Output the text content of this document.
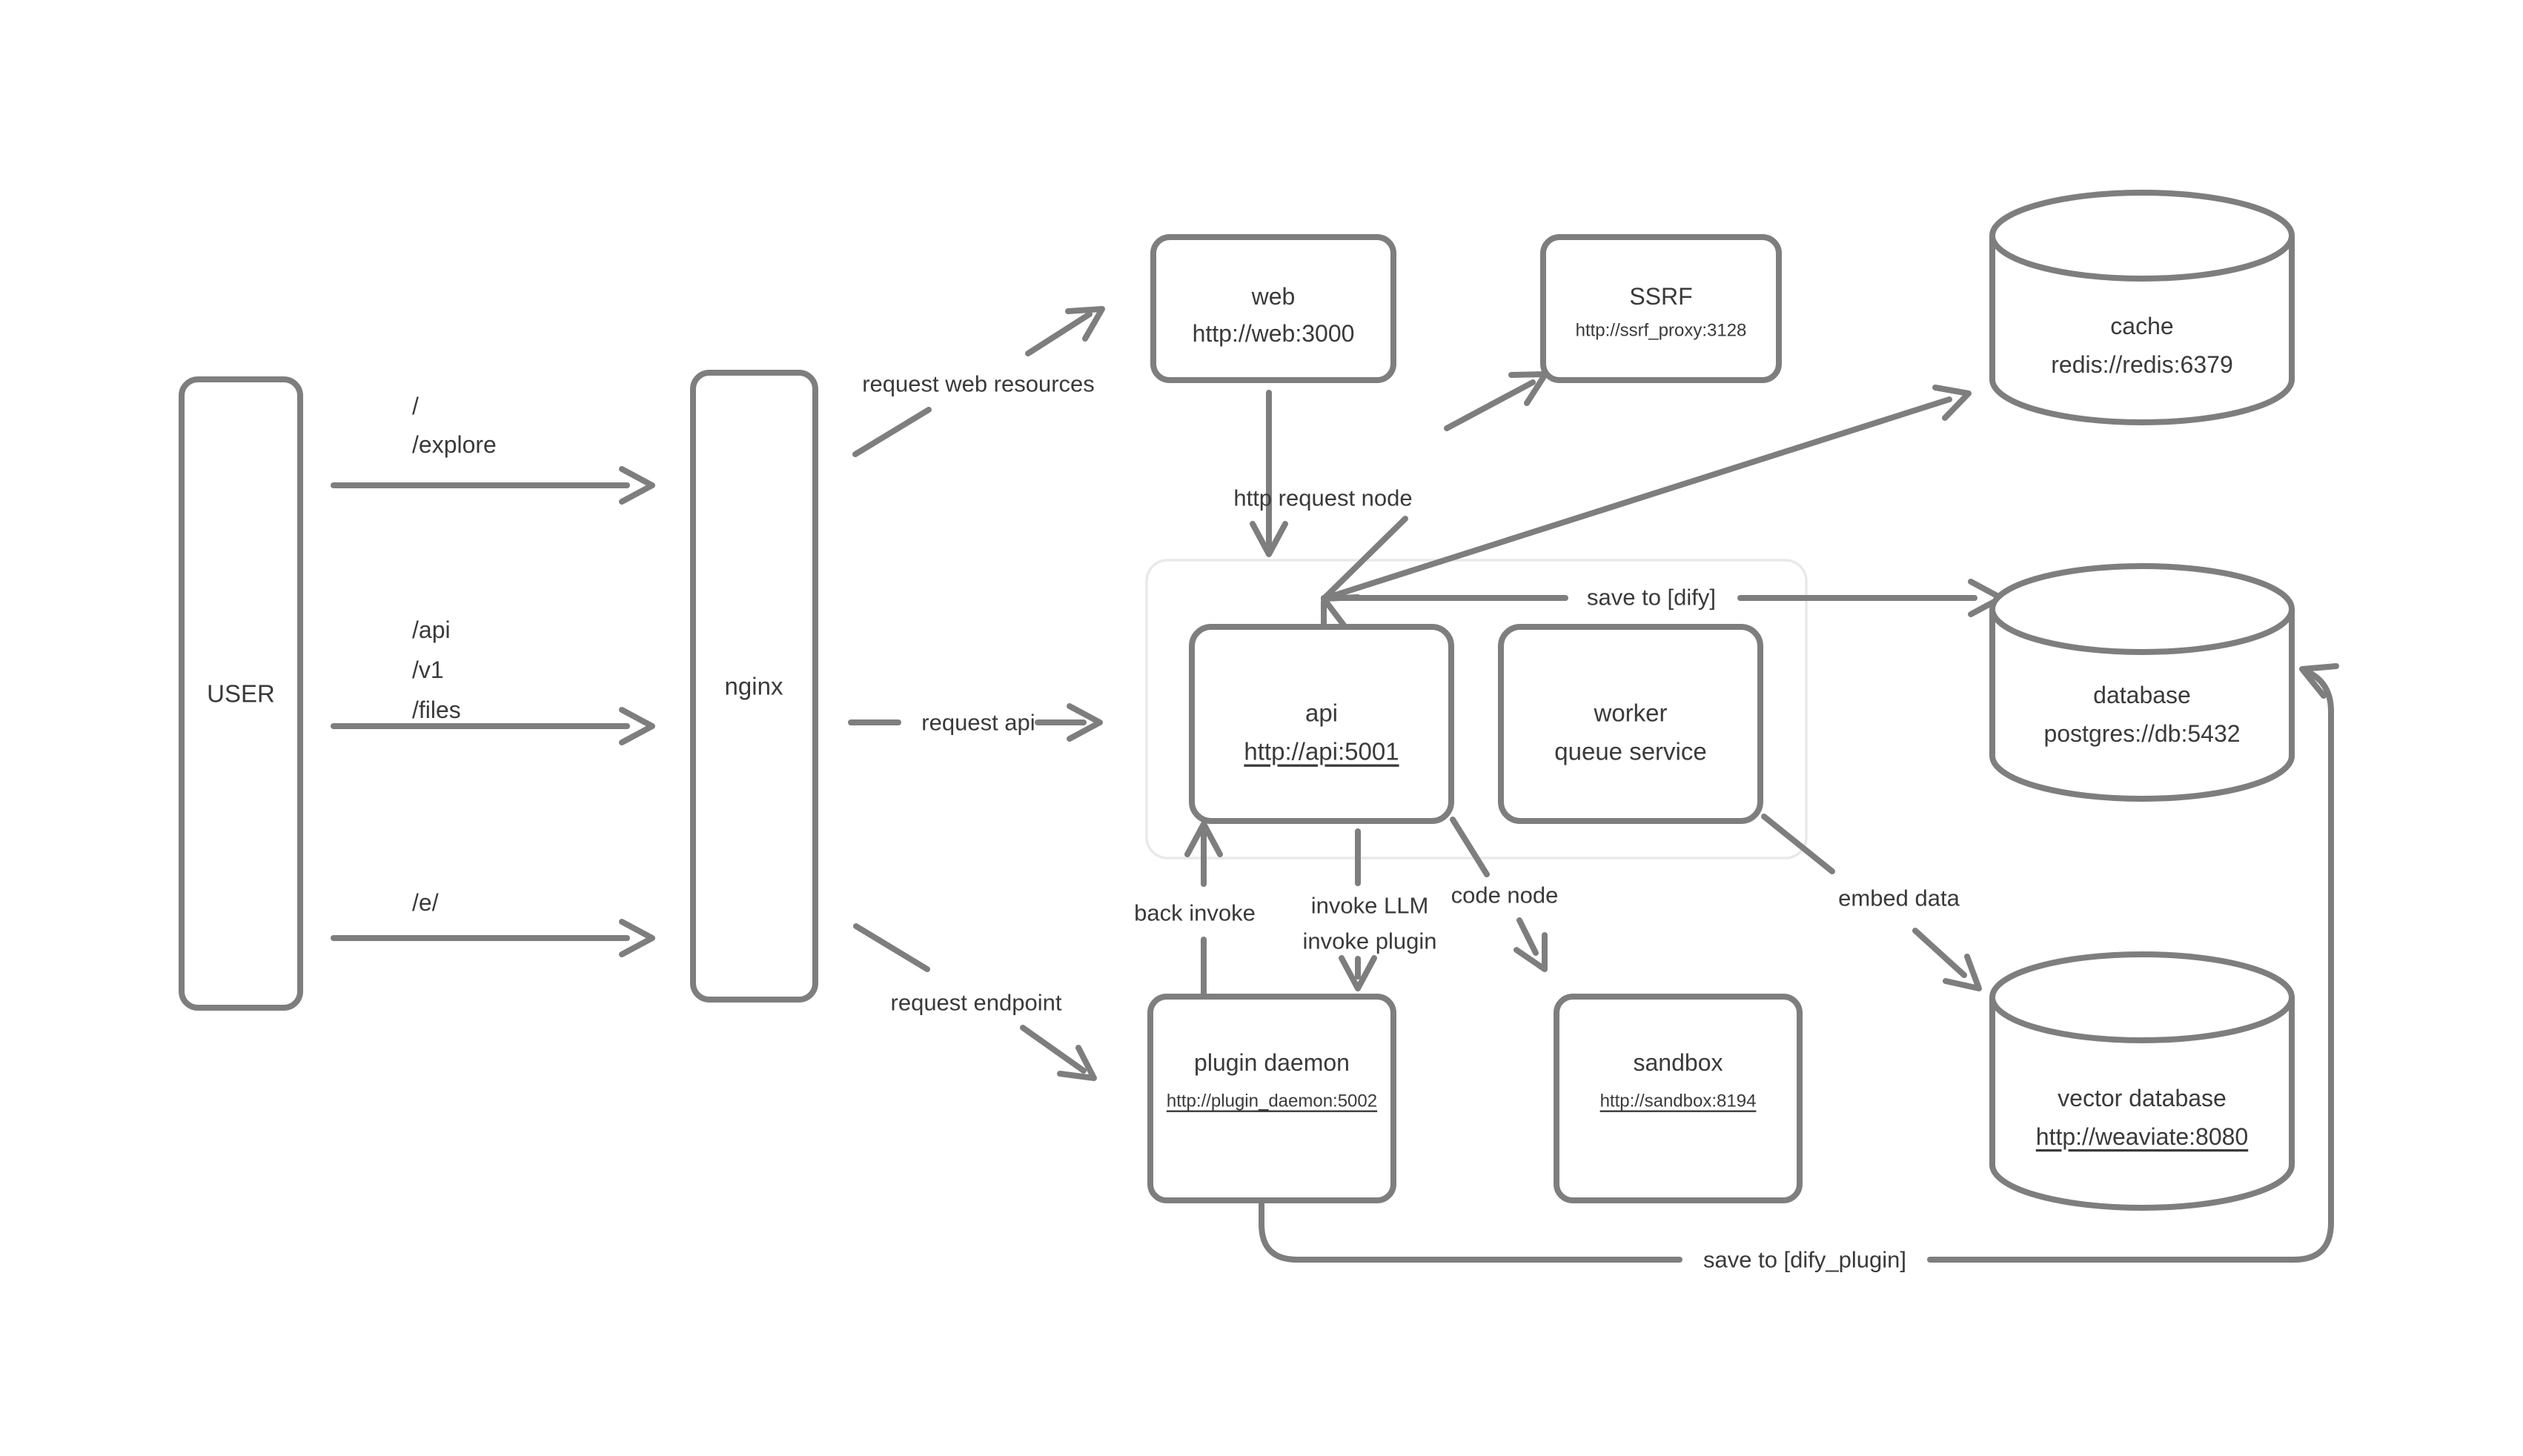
/
/explore
/api
/v1
/files
/e/
request web resources
request api
request endpoint
http request node
save to [dify]
back invoke invoke LLM
invoke plugin
code node	embed data
save to [dify_plugin]
USER	nginx
web
http://web:3000
SSRF
http://ssrf_proxy:3128	cache
redis://redis:6379
api
http://api:5001
worker
queue service
database
postgres://db:5432
plugin daemon
http://plugin_daemon:5002
sandbox
http://sandbox:8194	vector database
http://weaviate:8080
